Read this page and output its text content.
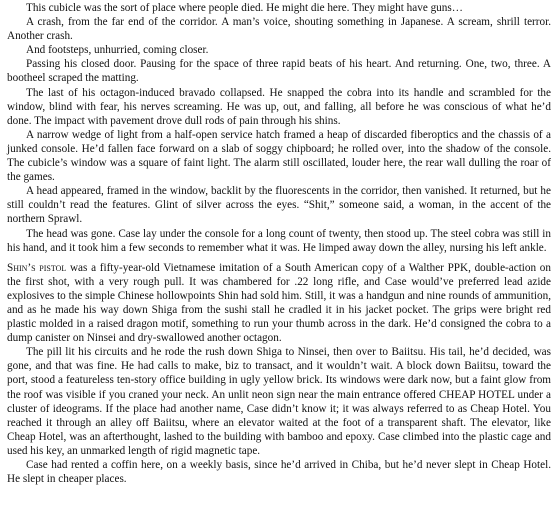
This cubicle was the sort of place where people died. He might die here. They might have guns…

A crash, from the far end of the corridor. A man’s voice, shouting something in Japanese. A scream, shrill terror. Another crash.

And footsteps, unhurried, coming closer.

Passing his closed door. Pausing for the space of three rapid beats of his heart. And returning. One, two, three. A bootheel scraped the matting.

The last of his octagon-induced bravado collapsed. He snapped the cobra into its handle and scrambled for the window, blind with fear, his nerves screaming. He was up, out, and falling, all before he was conscious of what he’d done. The impact with pavement drove dull rods of pain through his shins.

A narrow wedge of light from a half-open service hatch framed a heap of discarded fiberoptics and the chassis of a junked console. He’d fallen face forward on a slab of soggy chipboard; he rolled over, into the shadow of the console. The cubicle’s window was a square of faint light. The alarm still oscillated, louder here, the rear wall dulling the roar of the games.

A head appeared, framed in the window, backlit by the fluorescents in the corridor, then vanished. It returned, but he still couldn’t read the features. Glint of silver across the eyes. “Shit,” someone said, a woman, in the accent of the northern Sprawl.

The head was gone. Case lay under the console for a long count of twenty, then stood up. The steel cobra was still in his hand, and it took him a few seconds to remember what it was. He limped away down the alley, nursing his left ankle.

Shin’s pistol was a fifty-year-old Vietnamese imitation of a South American copy of a Walther PPK, double-action on the first shot, with a very rough pull. It was chambered for .22 long rifle, and Case would’ve preferred lead azide explosives to the simple Chinese hollowpoints Shin had sold him. Still, it was a handgun and nine rounds of ammunition, and as he made his way down Shiga from the sushi stall he cradled it in his jacket pocket. The grips were bright red plastic molded in a raised dragon motif, something to run your thumb across in the dark. He’d consigned the cobra to a dump canister on Ninsei and dry-swallowed another octagon.

The pill lit his circuits and he rode the rush down Shiga to Ninsei, then over to Baiitsu. His tail, he’d decided, was gone, and that was fine. He had calls to make, biz to transact, and it wouldn’t wait. A block down Baiitsu, toward the port, stood a featureless ten-story office building in ugly yellow brick. Its windows were dark now, but a faint glow from the roof was visible if you craned your neck. An unlit neon sign near the main entrance offered CHEAP HOTEL under a cluster of ideograms. If the place had another name, Case didn’t know it; it was always referred to as Cheap Hotel. You reached it through an alley off Baiitsu, where an elevator waited at the foot of a transparent shaft. The elevator, like Cheap Hotel, was an afterthought, lashed to the building with bamboo and epoxy. Case climbed into the plastic cage and used his key, an unmarked length of rigid magnetic tape.

Case had rented a coffin here, on a weekly basis, since he’d arrived in Chiba, but he’d never slept in Cheap Hotel. He slept in cheaper places.
